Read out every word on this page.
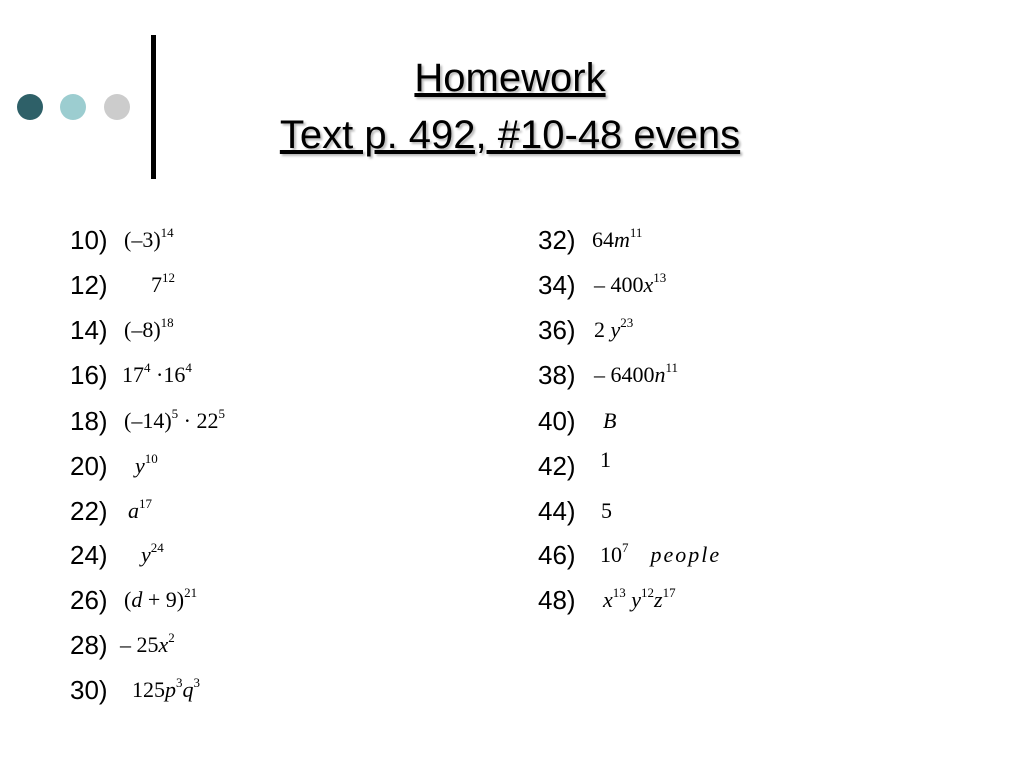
Homework
Text p. 492, #10-48 evens
10) $(-3)^{14}$
12) $7^{12}$
14) $(-8)^{18}$
16) $17^4 \cdot 16^4$
18) $(-14)^5 \cdot 22^5$
20) $y^{10}$
22) $a^{17}$
24) $y^{24}$
26) $(d + 9)^{21}$
$28) - 25x^2$
30) $125p^3q^3$
32) $64m^{11}$
$34) - 400x^{13}$
36) 2 $y^{23}$
$38) - 6400n^{11}$
40) B
42) 1
44) 5
46) $10^7$ people
48) $x^{13}$ $y^{12}z^{17}$
